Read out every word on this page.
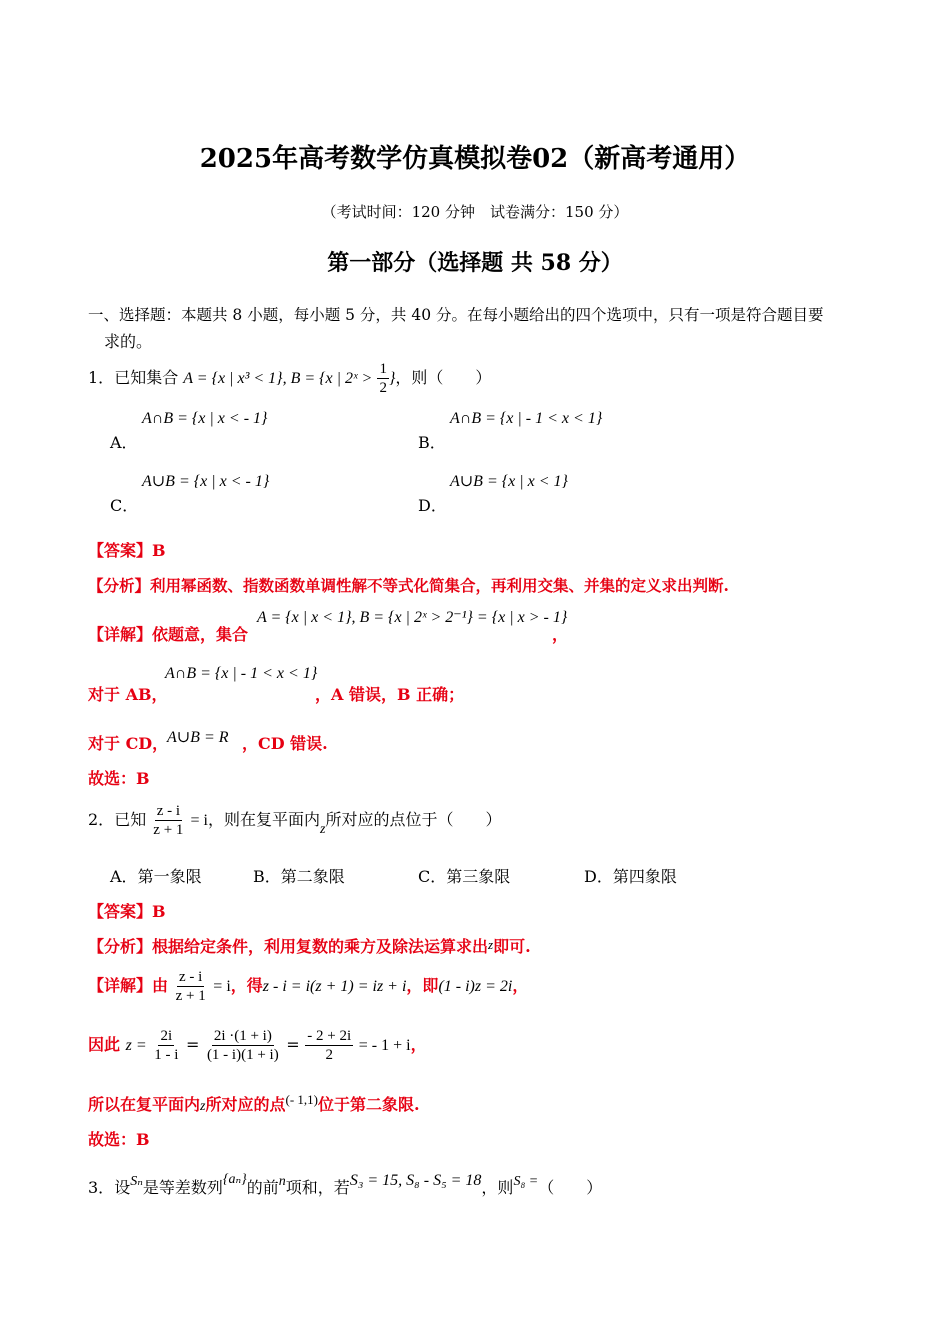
2025年高考数学仿真模拟卷02（新高考通用）
（考试时间：120 分钟　试卷满分：150 分）
第一部分（选择题 共 58 分）
一、选择题：本题共 8 小题，每小题 5 分，共 40 分。在每小题给出的四个选项中，只有一项是符合题目要
求的。
1．已知集合 A = {x | x³ < 1}, B = {x | 2ˣ > $\frac{1}{2}$ }，则（　　）
A∩B = {x | x < - 1}
A．
A∩B = {x | - 1 < x < 1}
B．
A∪B = {x | x < - 1}
C．
A∪B = {x | x < 1}
D．
【答案】B
【分析】利用幂函数、指数函数单调性解不等式化简集合，再利用交集、并集的定义求出判断.
【详解】依题意，集合
A = {x | x < 1}, B = {x | 2ˣ > 2⁻¹} = {x | x > - 1}
，
A∩B = {x | - 1 < x < 1}
对于 AB，	，A 错误，B 正确；
对于 CD，
A∪B = R ，CD 错误.
故选：B
2．已知 $\frac{z - i}{z + 1} = i$，则在复平面内z所对应的点位于（　　）
A．第一象限	B．第二象限	C．第三象限	D．第四象限
【答案】B
【分析】根据给定条件，利用复数的乘方及除法运算求出z即可.
【详解】由 $\frac{z - i}{z + 1} = i$，得z - i = i(z + 1) = iz + i，即(1 - i)z = 2i，
因此 $z = \frac{2i}{1 - i} = \frac{2i \cdot(1 + i)}{(1 - i)(1 + i)} = \frac{- 2 + 2i}{2}$ = - 1 + i，
所以在复平面内z所对应的点$^{(- 1,1)}$位于第二象限.
故选：B
3．设Sₙ是等差数列{aₙ}的前n项和，若S₃ = 15, S₈ - S₅ = 18，则S₈ =（　　）
